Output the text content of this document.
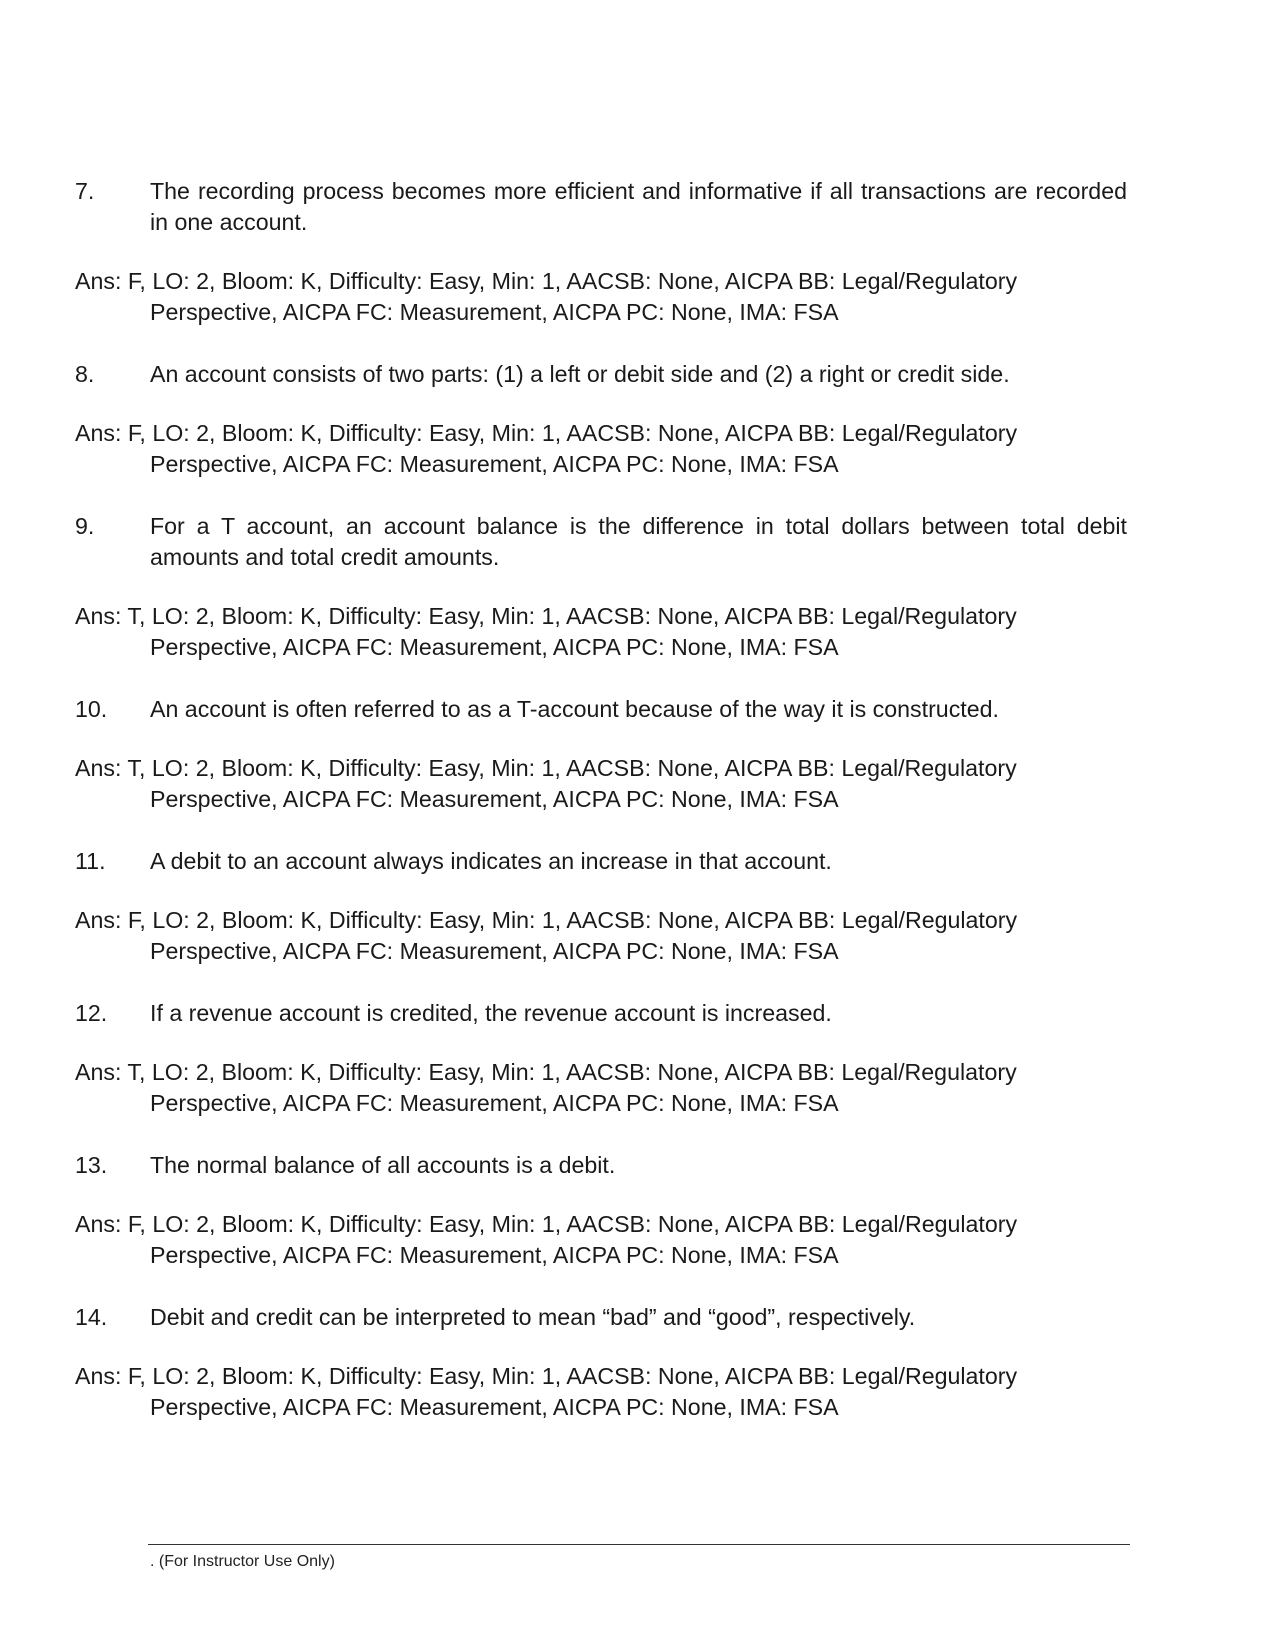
7. The recording process becomes more efficient and informative if all transactions are recorded in one account.

Ans: F, LO: 2, Bloom: K, Difficulty: Easy, Min: 1, AACSB: None, AICPA BB: Legal/Regulatory Perspective, AICPA FC: Measurement, AICPA PC: None, IMA: FSA

8. An account consists of two parts: (1) a left or debit side and (2) a right or credit side.

Ans: F, LO: 2, Bloom: K, Difficulty: Easy, Min: 1, AACSB: None, AICPA BB: Legal/Regulatory Perspective, AICPA FC: Measurement, AICPA PC: None, IMA: FSA

9. For a T account, an account balance is the difference in total dollars between total debit amounts and total credit amounts.

Ans: T, LO: 2, Bloom: K, Difficulty: Easy, Min: 1, AACSB: None, AICPA BB: Legal/Regulatory Perspective, AICPA FC: Measurement, AICPA PC: None, IMA: FSA

10. An account is often referred to as a T-account because of the way it is constructed.

Ans: T, LO: 2, Bloom: K, Difficulty: Easy, Min: 1, AACSB: None, AICPA BB: Legal/Regulatory Perspective, AICPA FC: Measurement, AICPA PC: None, IMA: FSA

11. A debit to an account always indicates an increase in that account.

Ans: F, LO: 2, Bloom: K, Difficulty: Easy, Min: 1, AACSB: None, AICPA BB: Legal/Regulatory Perspective, AICPA FC: Measurement, AICPA PC: None, IMA: FSA

12. If a revenue account is credited, the revenue account is increased.

Ans: T, LO: 2, Bloom: K, Difficulty: Easy, Min: 1, AACSB: None, AICPA BB: Legal/Regulatory Perspective, AICPA FC: Measurement, AICPA PC: None, IMA: FSA

13. The normal balance of all accounts is a debit.

Ans: F, LO: 2, Bloom: K, Difficulty: Easy, Min: 1, AACSB: None, AICPA BB: Legal/Regulatory Perspective, AICPA FC: Measurement, AICPA PC: None, IMA: FSA

14. Debit and credit can be interpreted to mean “bad” and “good”, respectively.

Ans: F, LO: 2, Bloom: K, Difficulty: Easy, Min: 1, AACSB: None, AICPA BB: Legal/Regulatory Perspective, AICPA FC: Measurement, AICPA PC: None, IMA: FSA

. (For Instructor Use Only)
